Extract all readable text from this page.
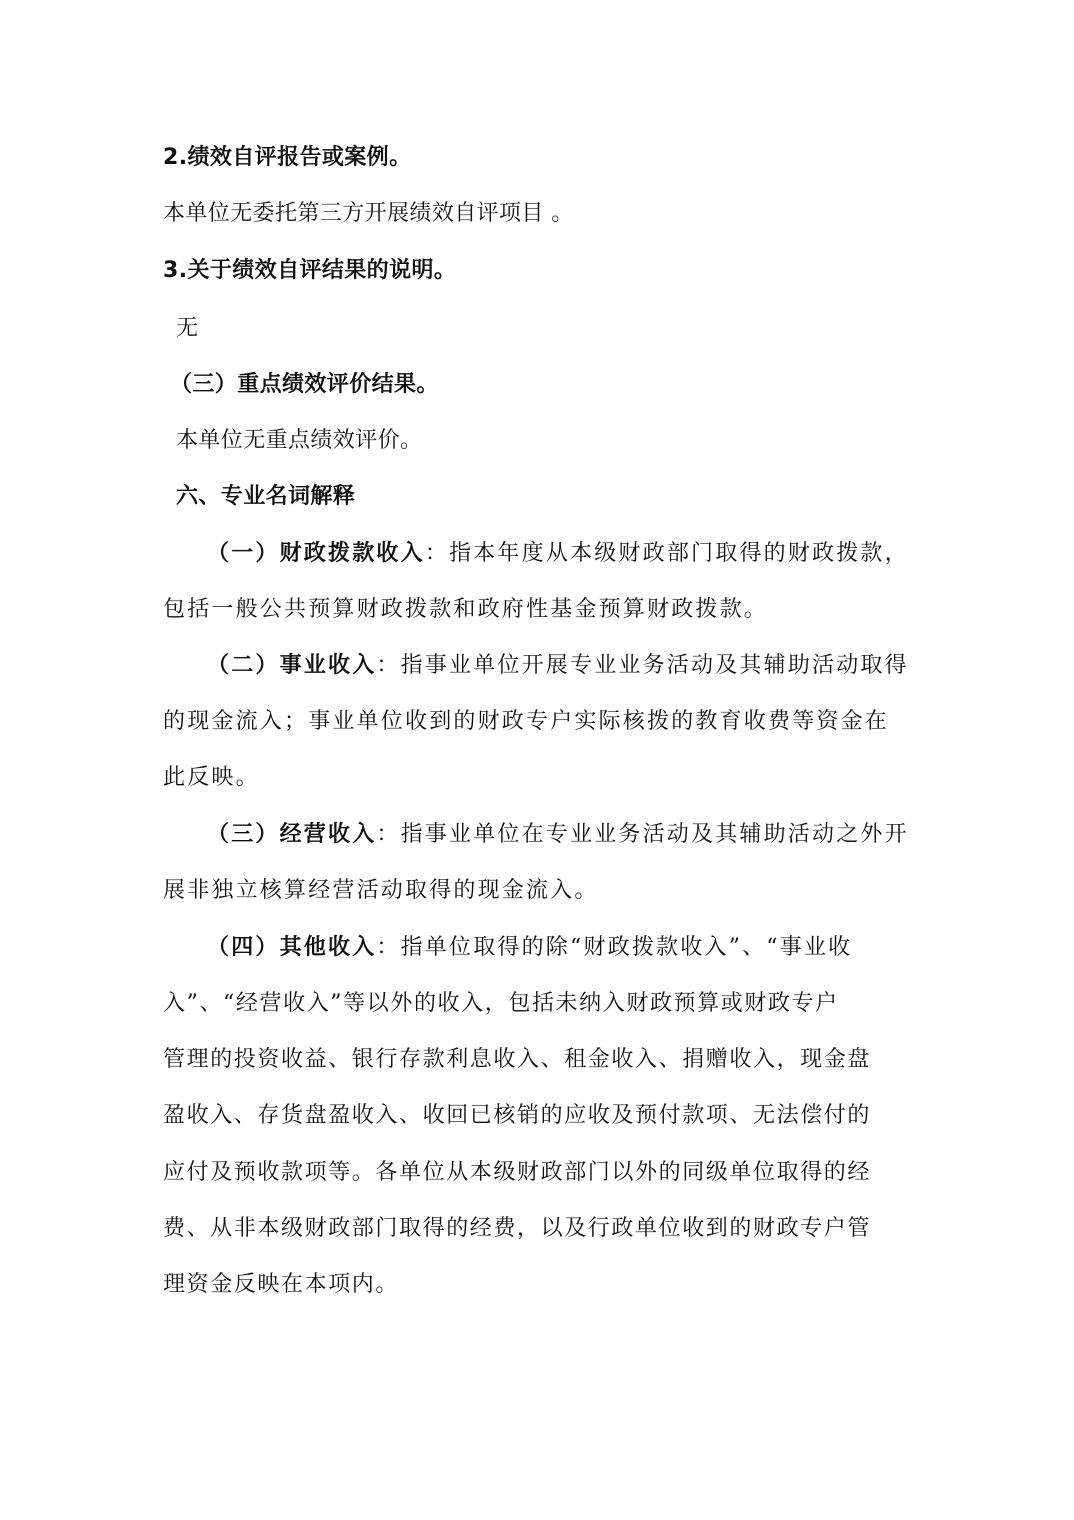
2.绩效自评报告或案例。
本单位无委托第三方开展绩效自评项目 。
3.关于绩效自评结果的说明。
无
（三）重点绩效评价结果。
本单位无重点绩效评价。
六、专业名词解释
（一）财政拨款收入：指本年度从本级财政部门取得的财政拨款，
包括一般公共预算财政拨款和政府性基金预算财政拨款。
（二）事业收入：指事业单位开展专业业务活动及其辅助活动取得
的现金流入；事业单位收到的财政专户实际核拨的教育收费等资金在
此反映。
（三）经营收入：指事业单位在专业业务活动及其辅助活动之外开
展非独立核算经营活动取得的现金流入。
（四）其他收入：指单位取得的除“财政拨款收入”、“事业收
入”、“经营收入”等以外的收入，包括未纳入财政预算或财政专户
管理的投资收益、银行存款利息收入、租金收入、捐赠收入，现金盘
盈收入、存货盘盈收入、收回已核销的应收及预付款项、无法偿付的
应付及预收款项等。各单位从本级财政部门以外的同级单位取得的经
费、从非本级财政部门取得的经费，以及行政单位收到的财政专户管
理资金反映在本项内。
